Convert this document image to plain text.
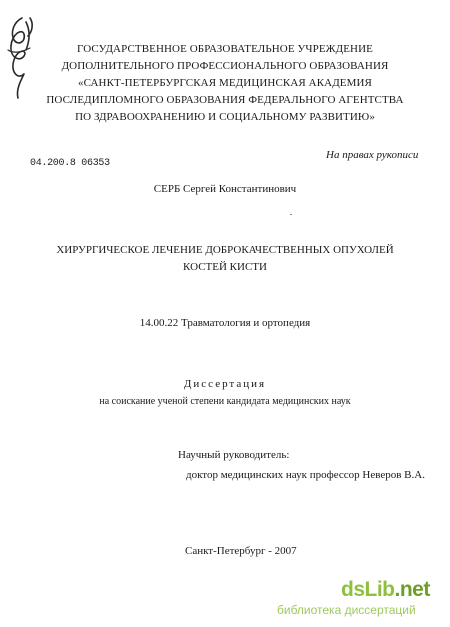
ГОСУДАРСТВЕННОЕ ОБРАЗОВАТЕЛЬНОЕ УЧРЕЖДЕНИЕ
ДОПОЛНИТЕЛЬНОГО ПРОФЕССИОНАЛЬНОГО ОБРАЗОВАНИЯ
«САНКТ-ПЕТЕРБУРГСКАЯ МЕДИЦИНСКАЯ АКАДЕМИЯ
ПОСЛЕДИПЛОМНОГО ОБРАЗОВАНИЯ ФЕДЕРАЛЬНОГО АГЕНТСТВА
ПО ЗДРАВООХРАНЕНИЮ И СОЦИАЛЬНОМУ РАЗВИТИЮ»
04.200.8 06353
На правах рукописи
СЕРБ Сергей Константинович
ХИРУРГИЧЕСКОЕ ЛЕЧЕНИЕ ДОБРОКАЧЕСТВЕННЫХ ОПУХОЛЕЙ
КОСТЕЙ КИСТИ
14.00.22 Травматология и ортопедия
Диссертация
на соискание ученой степени кандидата медицинских наук
Научный руководитель:
доктор медицинских наук профессор Неверов В.А.
Санкт-Петербург - 2007
dsLib.net
библиотека диссертаций
